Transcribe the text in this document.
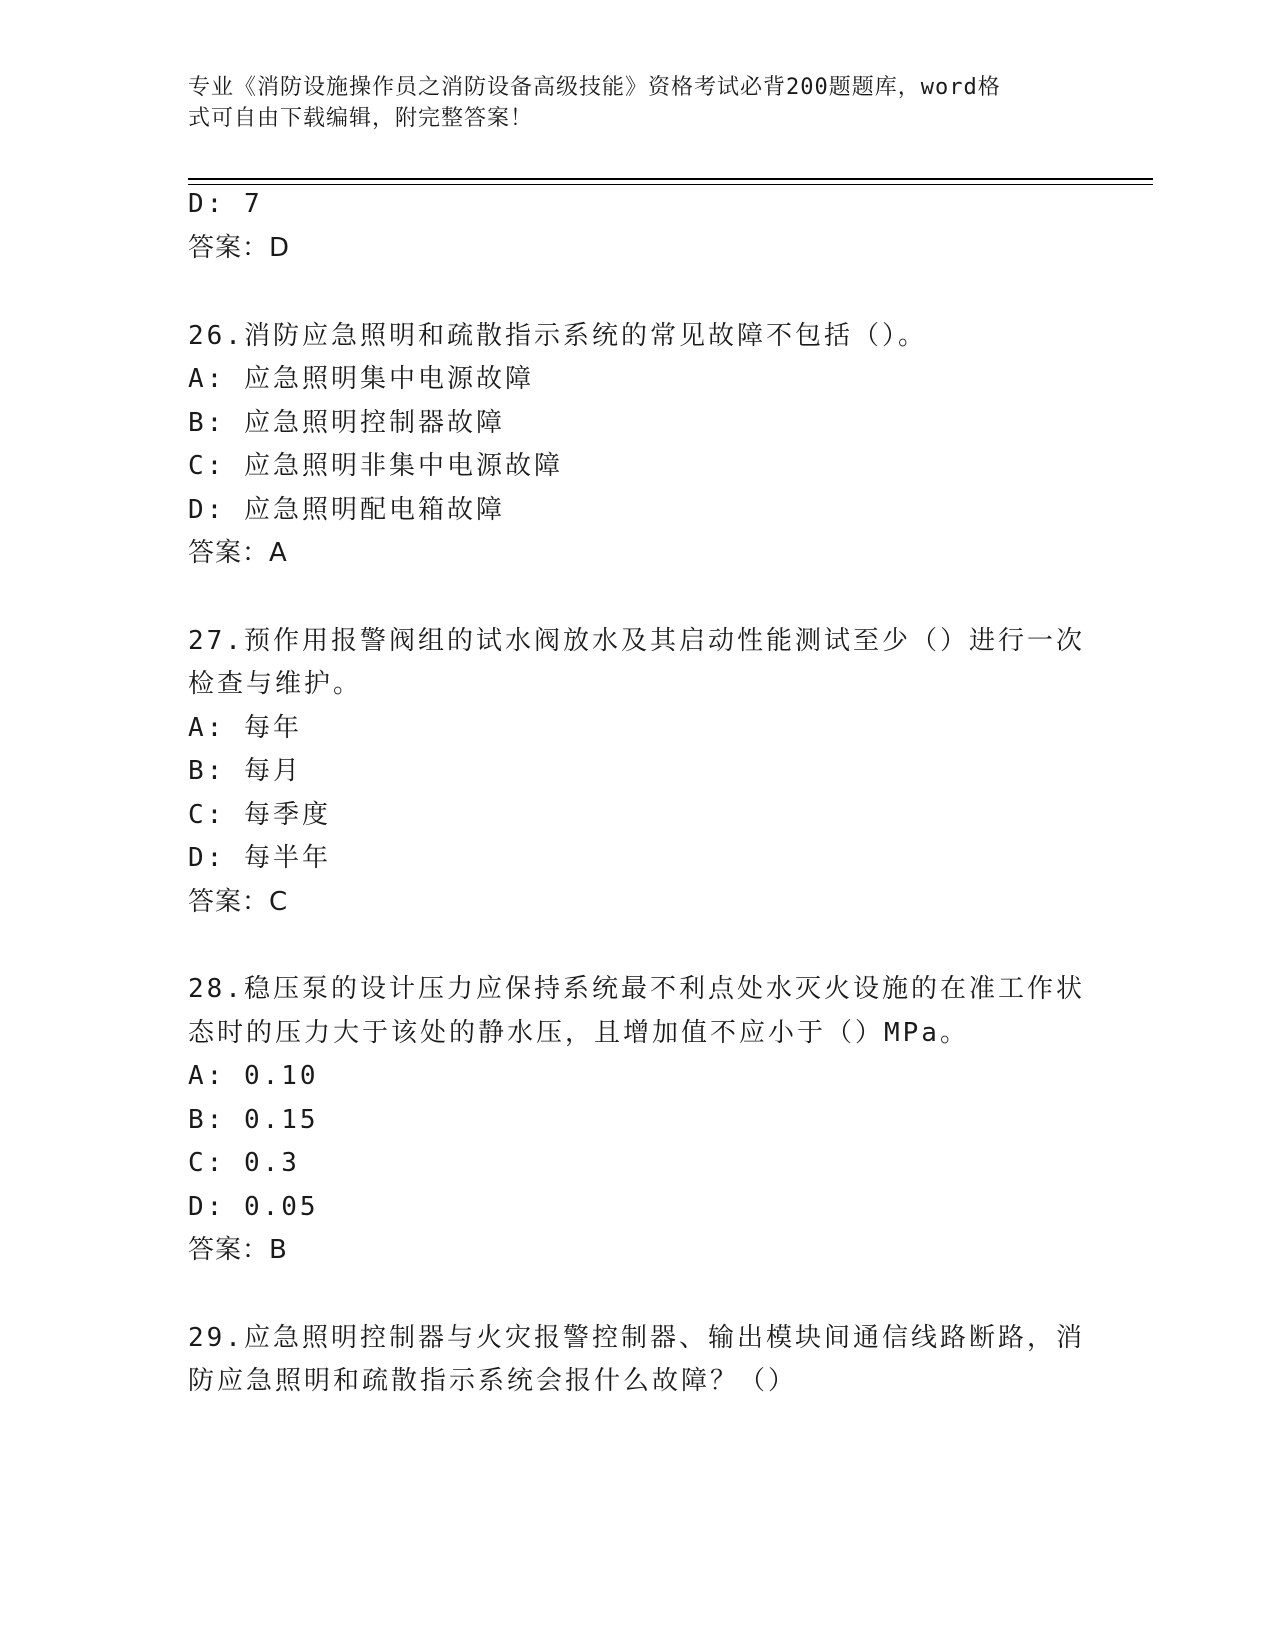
专业《消防设施操作员之消防设备高级技能》资格考试必背200题题库，word格
式可自由下载编辑，附完整答案！
D: 7
答案：D
26.消防应急照明和疏散指示系统的常见故障不包括（）。
A: 应急照明集中电源故障
B: 应急照明控制器故障
C: 应急照明非集中电源故障
D: 应急照明配电箱故障
答案：A
27.预作用报警阀组的试水阀放水及其启动性能测试至少（）进行一次
检查与维护。
A: 每年
B: 每月
C: 每季度
D: 每半年
答案：C
28.稳压泵的设计压力应保持系统最不利点处水灭火设施的在准工作状
态时的压力大于该处的静水压，且增加值不应小于（）MPa。
A: 0.10
B: 0.15
C: 0.3
D: 0.05
答案：B
29.应急照明控制器与火灾报警控制器、输出模块间通信线路断路，消
防应急照明和疏散指示系统会报什么故障？（）
